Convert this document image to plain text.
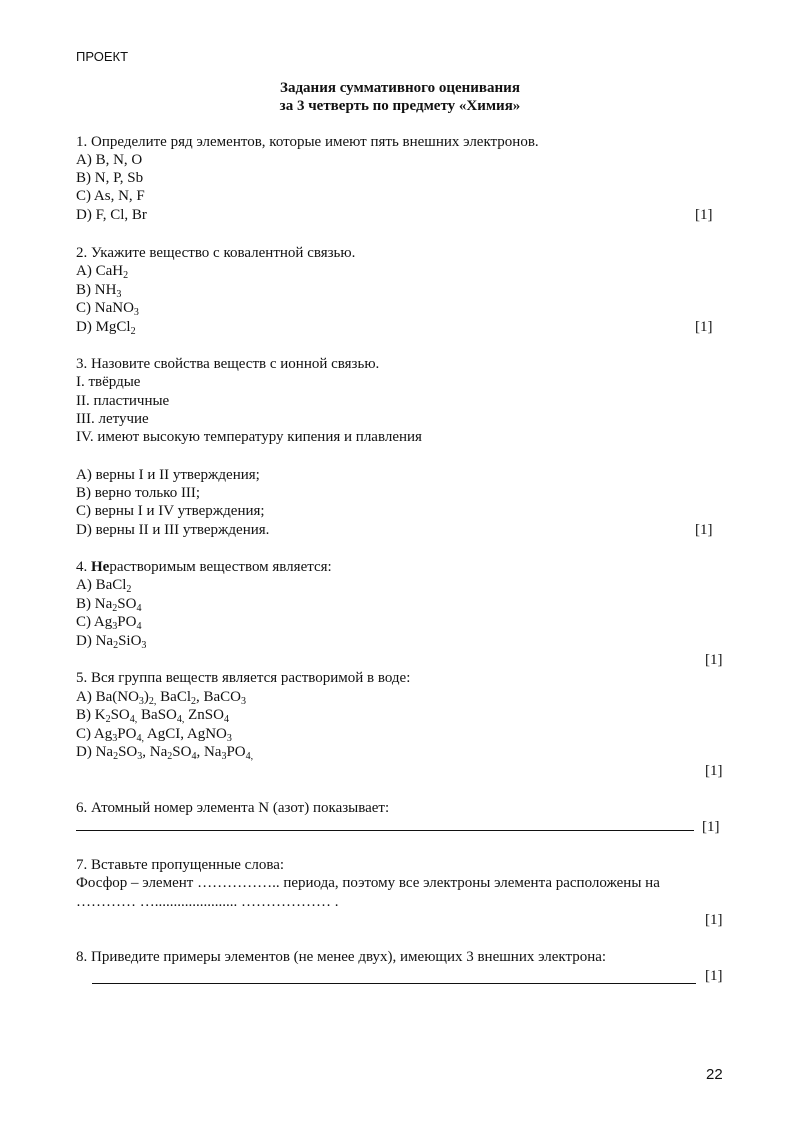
ПРОЕКТ
Задания суммативного оценивания
за 3 четверть по предмету «Химия»
1. Определите ряд элементов, которые имеют пять внешних электронов.
A) B, N, O
B) N, P, Sb
C) As, N, F
D) F, Cl, Br	[1]
2. Укажите вещество с ковалентной связью.
A) CaH$_2$
B) $NH_3$
C) NaNO$_3$
D) MgCl$_2$	[1]
3. Назовите свойства веществ с ионной связью.
I. твёрдые
II. пластичные
III. летучие
IV. имеют высокую температуру кипения и плавления
A) верны I и II утверждения;
B) верно только III;
C) верны I и IV утверждения;
D) верны II и III утверждения.	[1]
4. Нерастворимым веществом является:
A) BaCl$_2$
B) $Na_2SO_4$
C) $Ag_3PO_4$
D) $Na_2SiO_3$
[1]
5. Вся группа веществ является растворимой в воде:
A) $Ba(NO_3)_{2,}$ BaCl$_2$, BaCO$_3$
B) $K_2SO_{4,}$ BaSO$_{4,}$ ZnSO$_4$
C) $Ag_3PO_{4,}$ AgCI, AgNO$_3$
D) $Na_2SO_3$, $Na_2SO_4$, $Na_3PO_{4,}$
[1]
6. Атомный номер элемента N (азот) показывает:
[1]
7. Вставьте пропущенные слова:
Фосфор – элемент …………….. периода, поэтому все электроны элемента расположены на
………… …...................... ……………… .
[1]
8. Приведите примеры элементов (не менее двух), имеющих 3 внешних электрона:
[1]
22
